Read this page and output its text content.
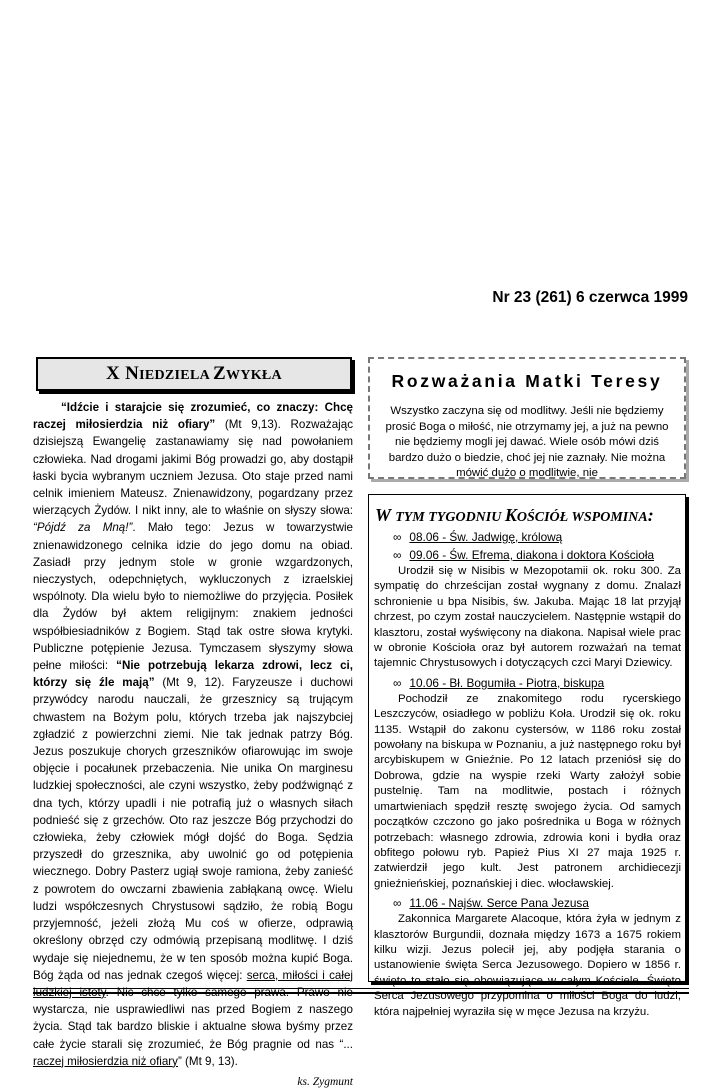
Nr 23 (261) 6 czerwca 1999
X NIEDZIELA ZWYKŁA

“Idźcie i starajcie się zrozumieć, co znaczy: Chcę raczej miłosierdzia niż ofiary” (Mt 9,13). Rozważając dzisiejszą Ewangelię zastanawiamy się nad powołaniem człowieka. Nad drogami jakimi Bóg prowadzi go, aby dostąpił łaski bycia wybranym uczniem Jezusa. Oto staje przed nami celnik imieniem Mateusz. Znienawidzony, pogardzany przez wierzących Żydów. I nikt inny, ale to właśnie on słyszy słowa: “Pójdź za Mną!”. Mało tego: Jezus w towarzystwie znienawidzonego celnika idzie do jego domu na obiad. Zasiadł przy jednym stole w gronie wzgardzonych, nieczystych, odepchniętych, wykluczonych z izraelskiej wspólnoty. Dla wielu było to niemożliwe do przyjęcia. Posiłek dla Żydów był aktem religijnym: znakiem jedności współbiesiadników z Bogiem. Stąd tak ostre słowa krytyki. Publiczne potępienie Jezusa. Tymczasem słyszymy słowa pełne miłości: “Nie potrzebują lekarza zdrowi, lecz ci, którzy się źle mają” (Mt 9, 12). Faryzeusze i duchowi przywódcy narodu nauczali, że grzesznicy są trującym chwastem na Bożym polu, których trzeba jak najszybciej zgładzić z powierzchni ziemi. Nie tak jednak patrzy Bóg. Jezus poszukuje chorych grzeszników ofiarowując im swoje objęcie i pocałunek przebaczenia. Nie unika On marginesu ludzkiej społeczności, ale czyni wszystko, żeby podźwignąć z dna tych, którzy upadli i nie potrafią już o własnych siłach podnieść się z grzechów. Oto raz jeszcze Bóg przychodzi do człowieka, żeby człowiek mógł dojść do Boga. Sędzia przyszedł do grzesznika, aby uwolnić go od potępienia wiecznego. Dobry Pasterz ugiął swoje ramiona, żeby zanieść z powrotem do owczarni zbawienia zabłąkaną owcę. Wielu ludzi współczesnych Chrystusowi sądziło, że robią Bogu przyjemność, jeżeli złożą Mu coś w ofierze, odprawią określony obrzęd czy odmówią przepisaną modlitwę. I dziś wydaje się niejednemu, że w ten sposób można kupić Boga. Bóg żąda od nas jednak czegoś więcej: serca, miłości i całej ludzkiej istoty. Nic chce tylko samego prawa. Prawo nie wystarcza, nie usprawiedliwi nas przed Bogiem z naszego życia. Stąd tak bardzo bliskie i aktualne słowa byśmy przez całe życie starali się zrozumieć, że Bóg pragnie od nas “... raczej miłosierdzia niż ofiary” (Mt 9, 13).

ks. Zygmunt
Rozważania Matki Teresy
Wszystko zaczyna się od modlitwy. Jeśli nie będziemy prosić Boga o miłość, nie otrzymamy jej, a już na pewno nie będziemy mogli jej dawać. Wiele osób mówi dziś bardzo dużo o biedzie, choć jej nie zaznały. Nie można mówić dużo o modlitwie, nie
W TYM TYGODNIU KOŚCIÓŁ WSPOMINA:
∞ 08.06 - Św. Jadwigę, królową
∞ 09.06 - Św. Efrema, diakona i doktora Kościoła

Urodził się w Nisibis w Mezopotamii ok. roku 300. Za sympatię do chrześcijan został wygnany z domu. Znalazł schronienie u bpa Nisibis, św. Jakuba. Mając 18 lat przyjął chrzest, po czym został nauczycielem. Następnie wstąpił do klasztoru, został wyświęcony na diakona. Napisał wiele prac w obronie Kościoła oraz był autorem rozważań na temat tajemnic Chrystusowych i dotyczących czci Maryi Dziewicy.

∞ 10.06 - Bł. Bogumiła - Piotra, biskupa

Pochodził ze znakomitego rodu rycerskiego Leszczyców, osiadłego w pobliżu Koła. Urodził się ok. roku 1135. Wstąpił do zakonu cystersów, w 1186 roku został powołany na biskupa w Poznaniu, a już następnego roku był arcybiskupem w Gnieźnie. Po 12 latach przeniósł się do Dobrowa, gdzie na wyspie rzeki Warty założył sobie pustelnię. Tam na modlitwie, postach i różnych umartwieniach spędził resztę swojego życia. Od samych początków czczono go jako pośrednika u Boga w różnych potrzebach: własnego zdrowia, zdrowia koni i bydła oraz obfitego połowu ryb. Papież Pius XI 27 maja 1925 r. zatwierdził jego kult. Jest patronem archidiecezji gnieźnieńskiej, poznańskiej i diec. włocławskiej.

∞ 11.06 - Najśw. Serce Pana Jezusa

Zakonnica Margarete Alacoque, która żyła w jednym z klasztorów Burgundii, doznała między 1673 a 1675 rokiem kilku wizji. Jezus polecił jej, aby podjęła starania o ustanowienie święta Serca Jezusowego. Dopiero w 1856 r. święto to stało się obowiązujące w całym Kościele. Święto Serca Jezusowego przypomina o miłości Boga do ludzi, która najpełniej wyraziła się w męce Jezusa na krzyżu.
